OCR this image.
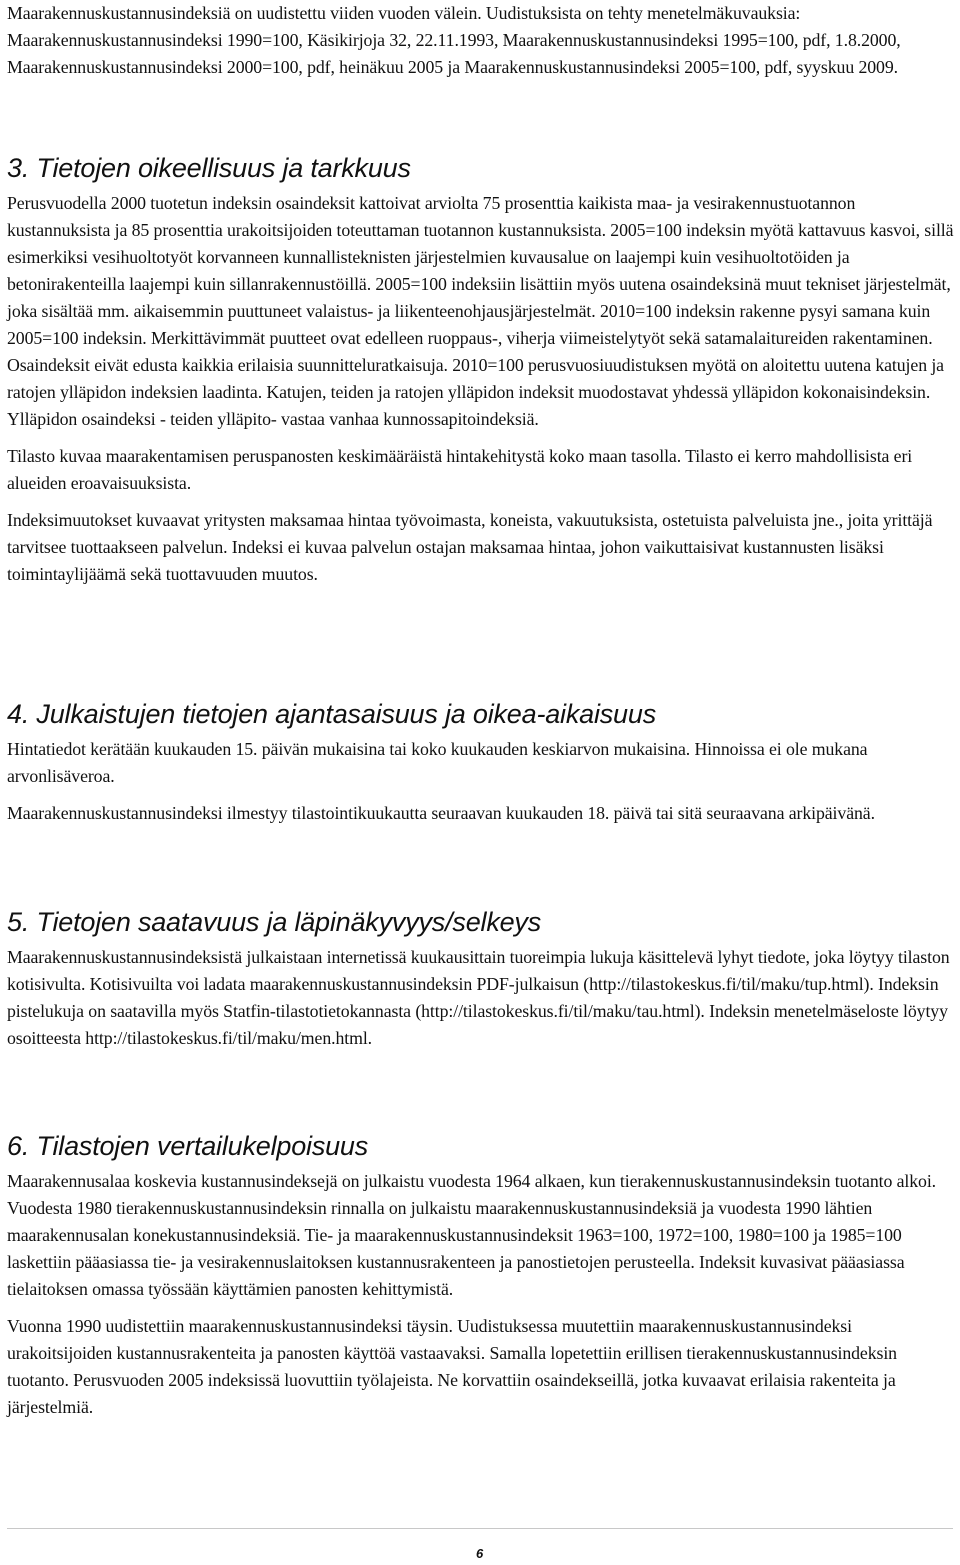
Maarakennuskustannusindeksiä on uudistettu viiden vuoden välein. Uudistuksista on tehty menetelmäkuvauksia: Maarakennuskustannusindeksi 1990=100, Käsikirjoja 32, 22.11.1993, Maarakennuskustannusindeksi 1995=100, pdf, 1.8.2000, Maarakennuskustannusindeksi 2000=100, pdf, heinäkuu 2005 ja Maarakennuskustannusindeksi 2005=100, pdf, syyskuu 2009.

3. Tietojen oikeellisuus ja tarkkuus

Perusvuodella 2000 tuotetun indeksin osaindeksit kattoivat arviolta 75 prosenttia kaikista maa- ja vesirakennustuotannon kustannuksista ja 85 prosenttia urakoitsijoiden toteuttaman tuotannon kustannuksista. 2005=100 indeksin myötä kattavuus kasvoi, sillä esimerkiksi vesihuoltotyöt korvanneen kunnallisteknisten järjestelmien kuvausalue on laajempi kuin vesihuoltotöiden ja betonirakenteilla laajempi kuin sillanrakennustöillä. 2005=100 indeksiin lisättiin myös uutena osaindeksinä muut tekniset järjestelmät, joka sisältää mm. aikaisemmin puuttuneet valaistus- ja liikenteenohjausjärjestelmät. 2010=100 indeksin rakenne pysyi samana kuin 2005=100 indeksin. Merkittävimmät puutteet ovat edelleen ruoppaus-, viherja viimeistelytyöt sekä satamalaitureiden rakentaminen. Osaindeksit eivät edusta kaikkia erilaisia suunnitteluratkaisuja. 2010=100 perusvuosiuudistuksen myötä on aloitettu uutena katujen ja ratojen ylläpidon indeksien laadinta. Katujen, teiden ja ratojen ylläpidon indeksit muodostavat yhdessä ylläpidon kokonaisindeksin. Ylläpidon osaindeksi - teiden ylläpito- vastaa vanhaa kunnossapitoindeksiä.

Tilasto kuvaa maarakentamisen peruspanosten keskimääräistä hintakehitystä koko maan tasolla. Tilasto ei kerro mahdollisista eri alueiden eroavaisuuksista.

Indeksimuutokset kuvaavat yritysten maksamaa hintaa työvoimasta, koneista, vakuutuksista, ostetuista palveluista jne., joita yrittäjä tarvitsee tuottaakseen palvelun. Indeksi ei kuvaa palvelun ostajan maksamaa hintaa, johon vaikuttaisivat kustannusten lisäksi toimintaylijäämä sekä tuottavuuden muutos.

4. Julkaistujen tietojen ajantasaisuus ja oikea-aikaisuus

Hintatiedot kerätään kuukauden 15. päivän mukaisina tai koko kuukauden keskiarvon mukaisina. Hinnoissa ei ole mukana arvonlisäveroa.

Maarakennuskustannusindeksi ilmestyy tilastointikuukautta seuraavan kuukauden 18. päivä tai sitä seuraavana arkipäivänä.

5. Tietojen saatavuus ja läpinäkyvyys/selkeys

Maarakennuskustannusindeksistä julkaistaan internetissä kuukausittain tuoreimpia lukuja käsittelevä lyhyt tiedote, joka löytyy tilaston kotisivulta. Kotisivuilta voi ladata maarakennuskustannusindeksin PDF-julkaisun (http://tilastokeskus.fi/til/maku/tup.html). Indeksin pistelukuja on saatavilla myös Statfin-tilastotietokannasta (http://tilastokeskus.fi/til/maku/tau.html). Indeksin menetelmäseloste löytyy osoitteesta http://tilastokeskus.fi/til/maku/men.html.

6. Tilastojen vertailukelpoisuus

Maarakennusalaa koskevia kustannusindeksejä on julkaistu vuodesta 1964 alkaen, kun tierakennuskustannusindeksin tuotanto alkoi. Vuodesta 1980 tierakennuskustannusindeksin rinnalla on julkaistu maarakennuskustannusindeksiä ja vuodesta 1990 lähtien maarakennusalan konekustannusindeksiä. Tie- ja maarakennuskustannusindeksit 1963=100, 1972=100, 1980=100 ja 1985=100 laskettiin pääasiassa tie- ja vesirakennuslaitoksen kustannusrakenteen ja panostietojen perusteella. Indeksit kuvasivat pääasiassa tielaitoksen omassa työssään käyttämien panosten kehittymistä.

Vuonna 1990 uudistettiin maarakennuskustannusindeksi täysin. Uudistuksessa muutettiin maarakennuskustannusindeksi urakoitsijoiden kustannusrakenteita ja panosten käyttöä vastaavaksi. Samalla lopetettiin erillisen tierakennuskustannusindeksin tuotanto. Perusvuoden 2005 indeksissä luovuttiin työlajeista. Ne korvattiin osaindekseillä, jotka kuvaavat erilaisia rakenteita ja järjestelmiä.

6
